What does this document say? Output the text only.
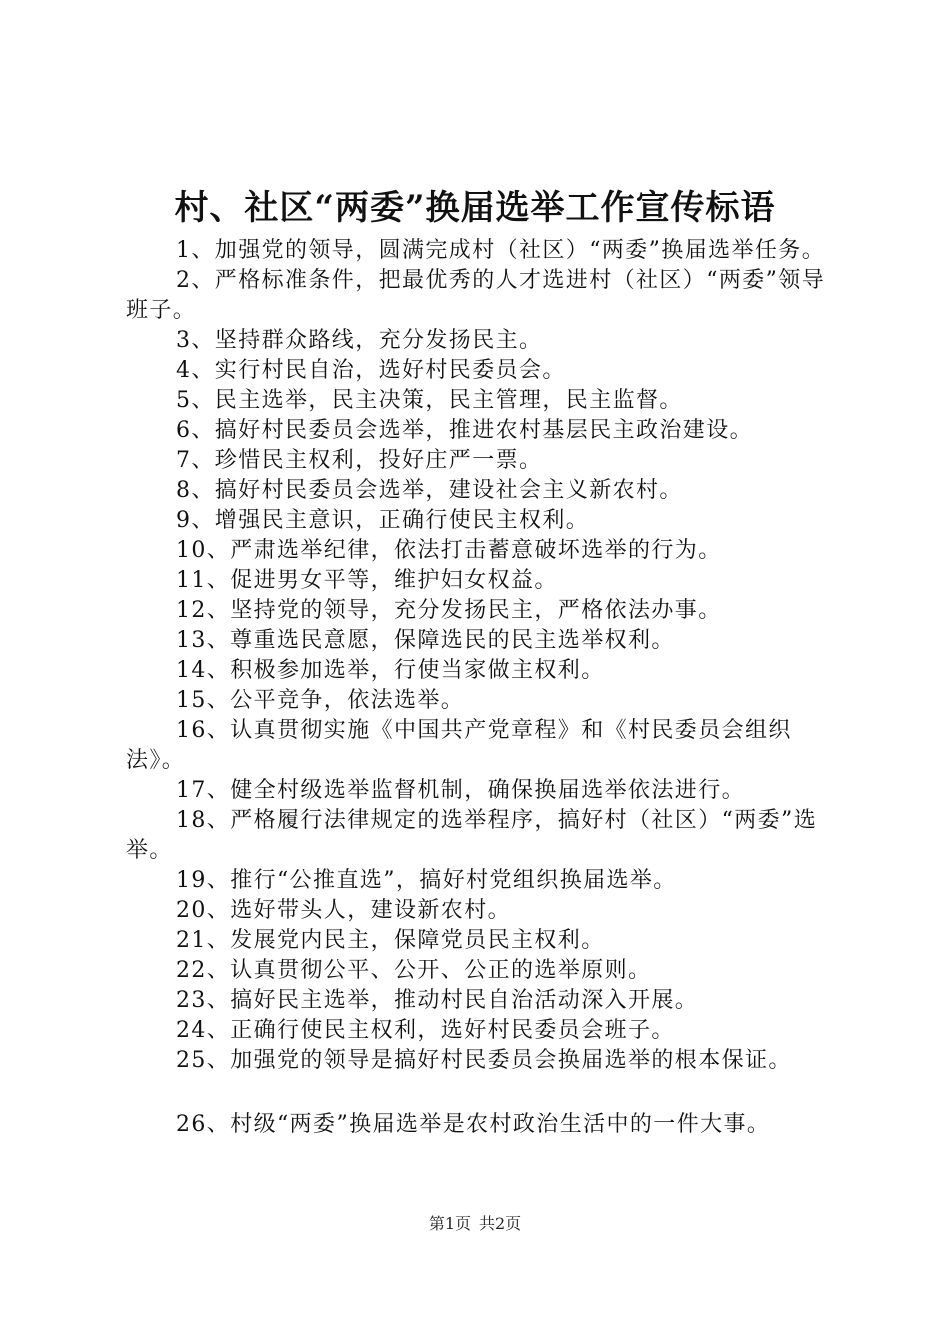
村、社区“两委”换届选举工作宣传标语

1、加强党的领导，圆满完成村（社区）“两委”换届选举任务。

2、严格标准条件，把最优秀的人才选进村（社区）“两委”领导班子。

3、坚持群众路线，充分发扬民主。

4、实行村民自治，选好村民委员会。

5、民主选举，民主决策，民主管理，民主监督。

6、搞好村民委员会选举，推进农村基层民主政治建设。

7、珍惜民主权利，投好庄严一票。

8、搞好村民委员会选举，建设社会主义新农村。

9、增强民主意识，正确行使民主权利。

10、严肃选举纪律，依法打击蓄意破坏选举的行为。

11、促进男女平等，维护妇女权益。

12、坚持党的领导，充分发扬民主，严格依法办事。

13、尊重选民意愿，保障选民的民主选举权利。

14、积极参加选举，行使当家做主权利。

15、公平竞争，依法选举。

16、认真贯彻实施《中国共产党章程》和《村民委员会组织法》。

17、健全村级选举监督机制，确保换届选举依法进行。

18、严格履行法律规定的选举程序，搞好村（社区）“两委”选举。

19、推行“公推直选”，搞好村党组织换届选举。

20、选好带头人，建设新农村。

21、发展党内民主，保障党员民主权利。

22、认真贯彻公平、公开、公正的选举原则。

23、搞好民主选举，推动村民自治活动深入开展。

24、正确行使民主权利，选好村民委员会班子。

25、加强党的领导是搞好村民委员会换届选举的根本保证。

26、村级“两委”换届选举是农村政治生活中的一件大事。

第1页 共2页
